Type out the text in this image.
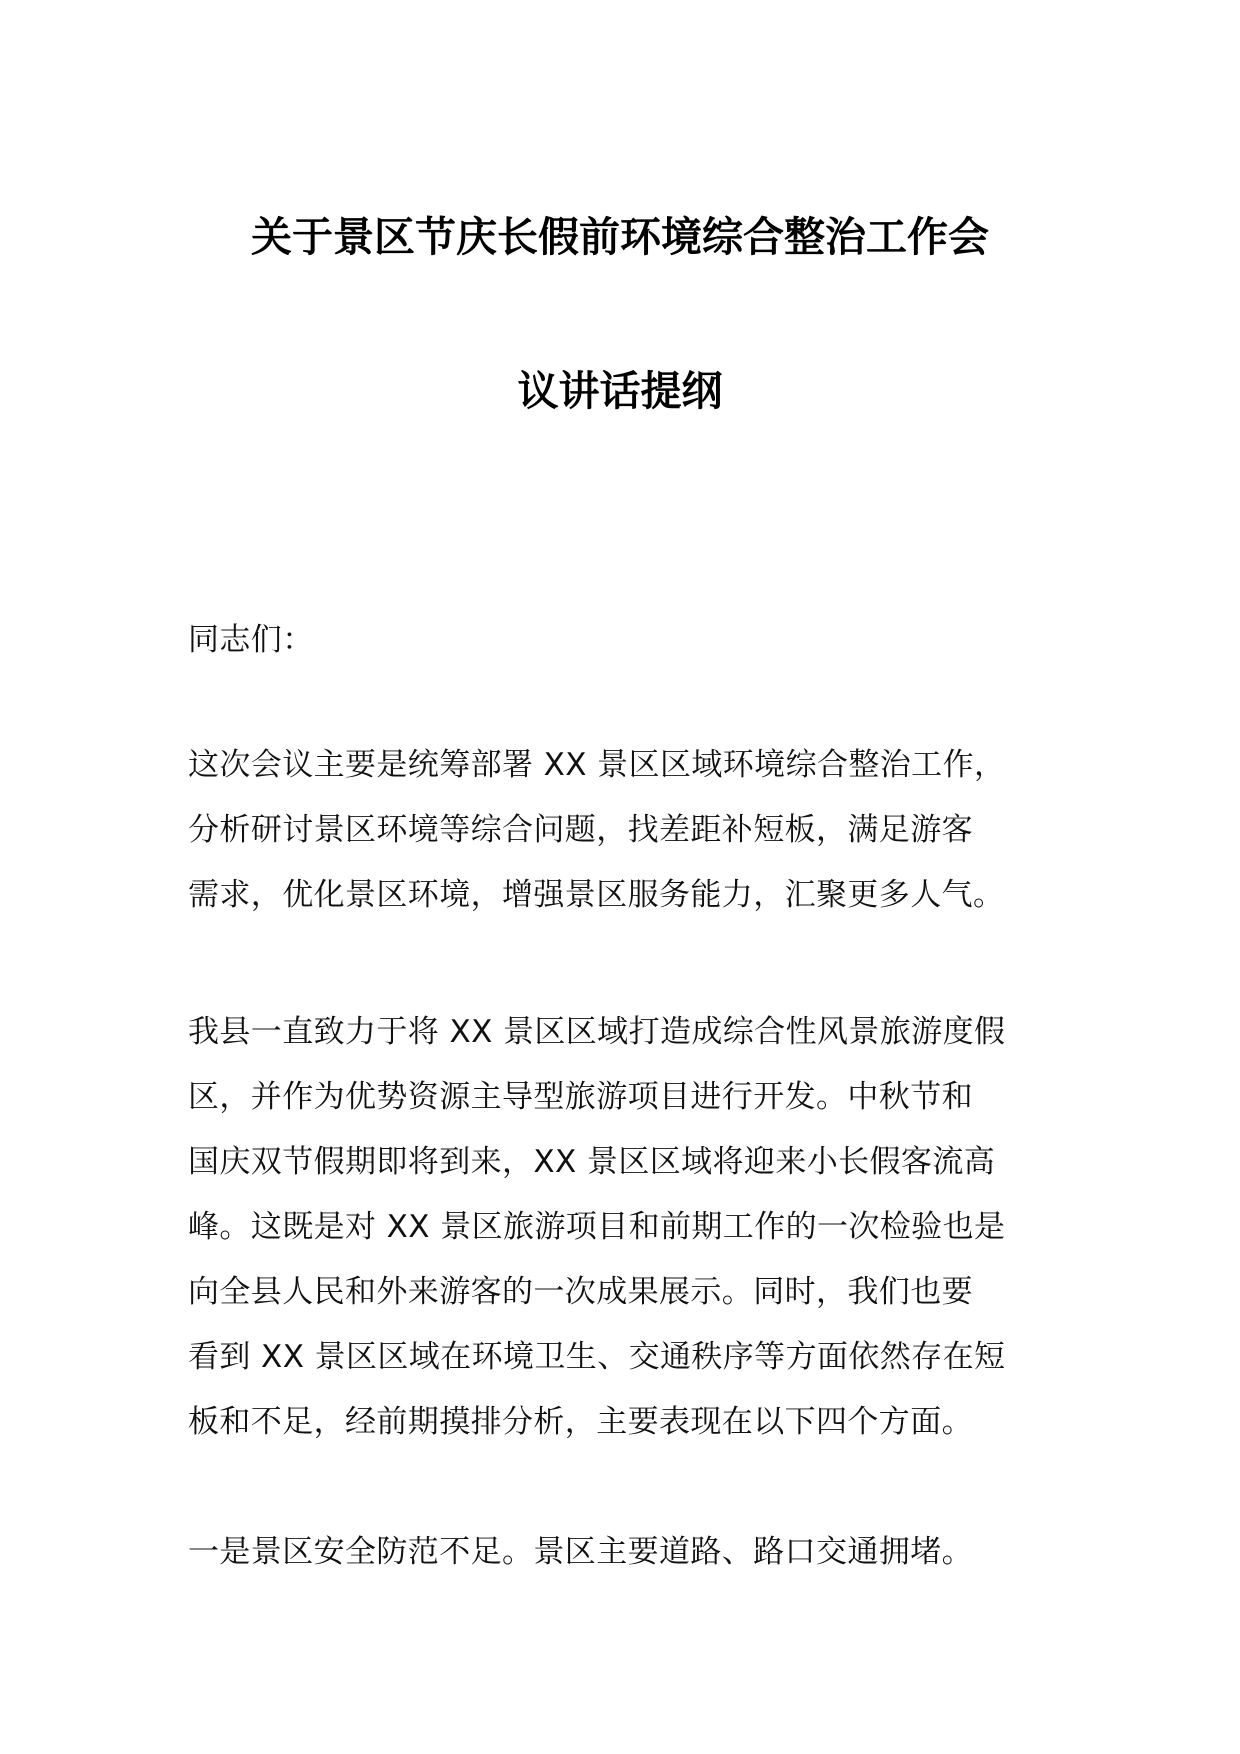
关于景区节庆长假前环境综合整治工作会
议讲话提纲
同志们：
这次会议主要是统筹部署 XX 景区区域环境综合整治工作，
分析研讨景区环境等综合问题，找差距补短板，满足游客
需求，优化景区环境，增强景区服务能力，汇聚更多人气。
我县一直致力于将 XX 景区区域打造成综合性风景旅游度假
区，并作为优势资源主导型旅游项目进行开发。中秋节和
国庆双节假期即将到来，XX 景区区域将迎来小长假客流高
峰。这既是对 XX 景区旅游项目和前期工作的一次检验也是
向全县人民和外来游客的一次成果展示。同时，我们也要
看到 XX 景区区域在环境卫生、交通秩序等方面依然存在短
板和不足，经前期摸排分析，主要表现在以下四个方面。
一是景区安全防范不足。景区主要道路、路口交通拥堵。
